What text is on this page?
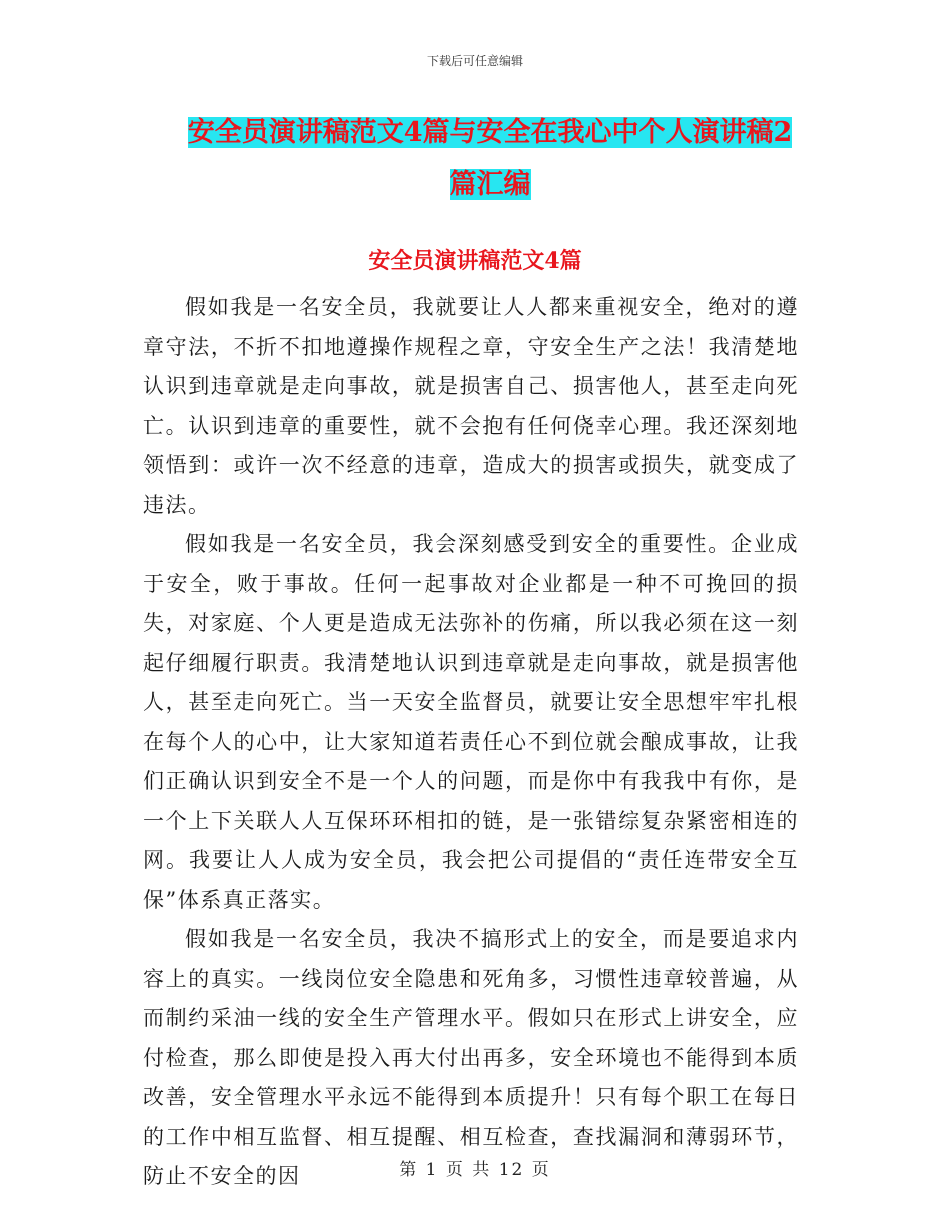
下载后可任意编辑
安全员演讲稿范文4篇与安全在我心中个人演讲稿2
篇汇编
安全员演讲稿范文4篇

假如我是一名安全员，我就要让人人都来重视安全，绝对的遵章守法，不折不扣地遵操作规程之章，守安全生产之法！我清楚地认识到违章就是走向事故，就是损害自己、损害他人，甚至走向死亡。认识到违章的重要性，就不会抱有任何侥幸心理。我还深刻地领悟到：或许一次不经意的违章，造成大的损害或损失，就变成了违法。

假如我是一名安全员，我会深刻感受到安全的重要性。企业成于安全，败于事故。任何一起事故对企业都是一种不可挽回的损失，对家庭、个人更是造成无法弥补的伤痛，所以我必须在这一刻起仔细履行职责。我清楚地认识到违章就是走向事故，就是损害他人，甚至走向死亡。当一天安全监督员，就要让安全思想牢牢扎根在每个人的心中，让大家知道若责任心不到位就会酿成事故，让我们正确认识到安全不是一个人的问题，而是你中有我我中有你，是一个上下关联人人互保环环相扣的链，是一张错综复杂紧密相连的网。我要让人人成为安全员，我会把公司提倡的“责任连带安全互保”体系真正落实。

假如我是一名安全员，我决不搞形式上的安全，而是要追求内容上的真实。一线岗位安全隐患和死角多，习惯性违章较普遍，从而制约采油一线的安全生产管理水平。假如只在形式上讲安全，应付检查，那么即使是投入再大付出再多，安全环境也不能得到本质改善，安全管理水平永远不能得到本质提升！只有每个职工在每日的工作中相互监督、相互提醒、相互检查，查找漏洞和薄弱环节，防止不安全的因	第 1 页 共 12 页
